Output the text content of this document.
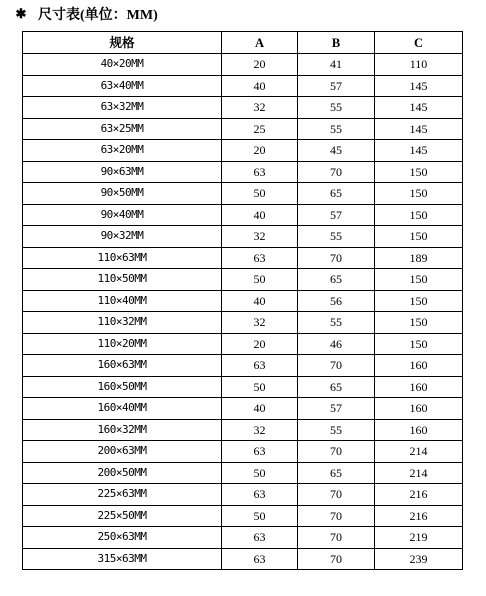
✱ 尺寸表(单位：MM)
规格	A	B	C
40×20MM	20	41	110
63×40MM	40	57	145
63×32MM	32	55	145
63×25MM	25	55	145
63×20MM	20	45	145
90×63MM	63	70	150
90×50MM	50	65	150
90×40MM	40	57	150
90×32MM	32	55	150
110×63MM	63	70	189
110×50MM	50	65	150
110×40MM	40	56	150
110×32MM	32	55	150
110×20MM	20	46	150
160×63MM	63	70	160
160×50MM	50	65	160
160×40MM	40	57	160
160×32MM	32	55	160
200×63MM	63	70	214
200×50MM	50	65	214
225×63MM	63	70	216
225×50MM	50	70	216
250×63MM	63	70	219
315×63MM	63	70	239
